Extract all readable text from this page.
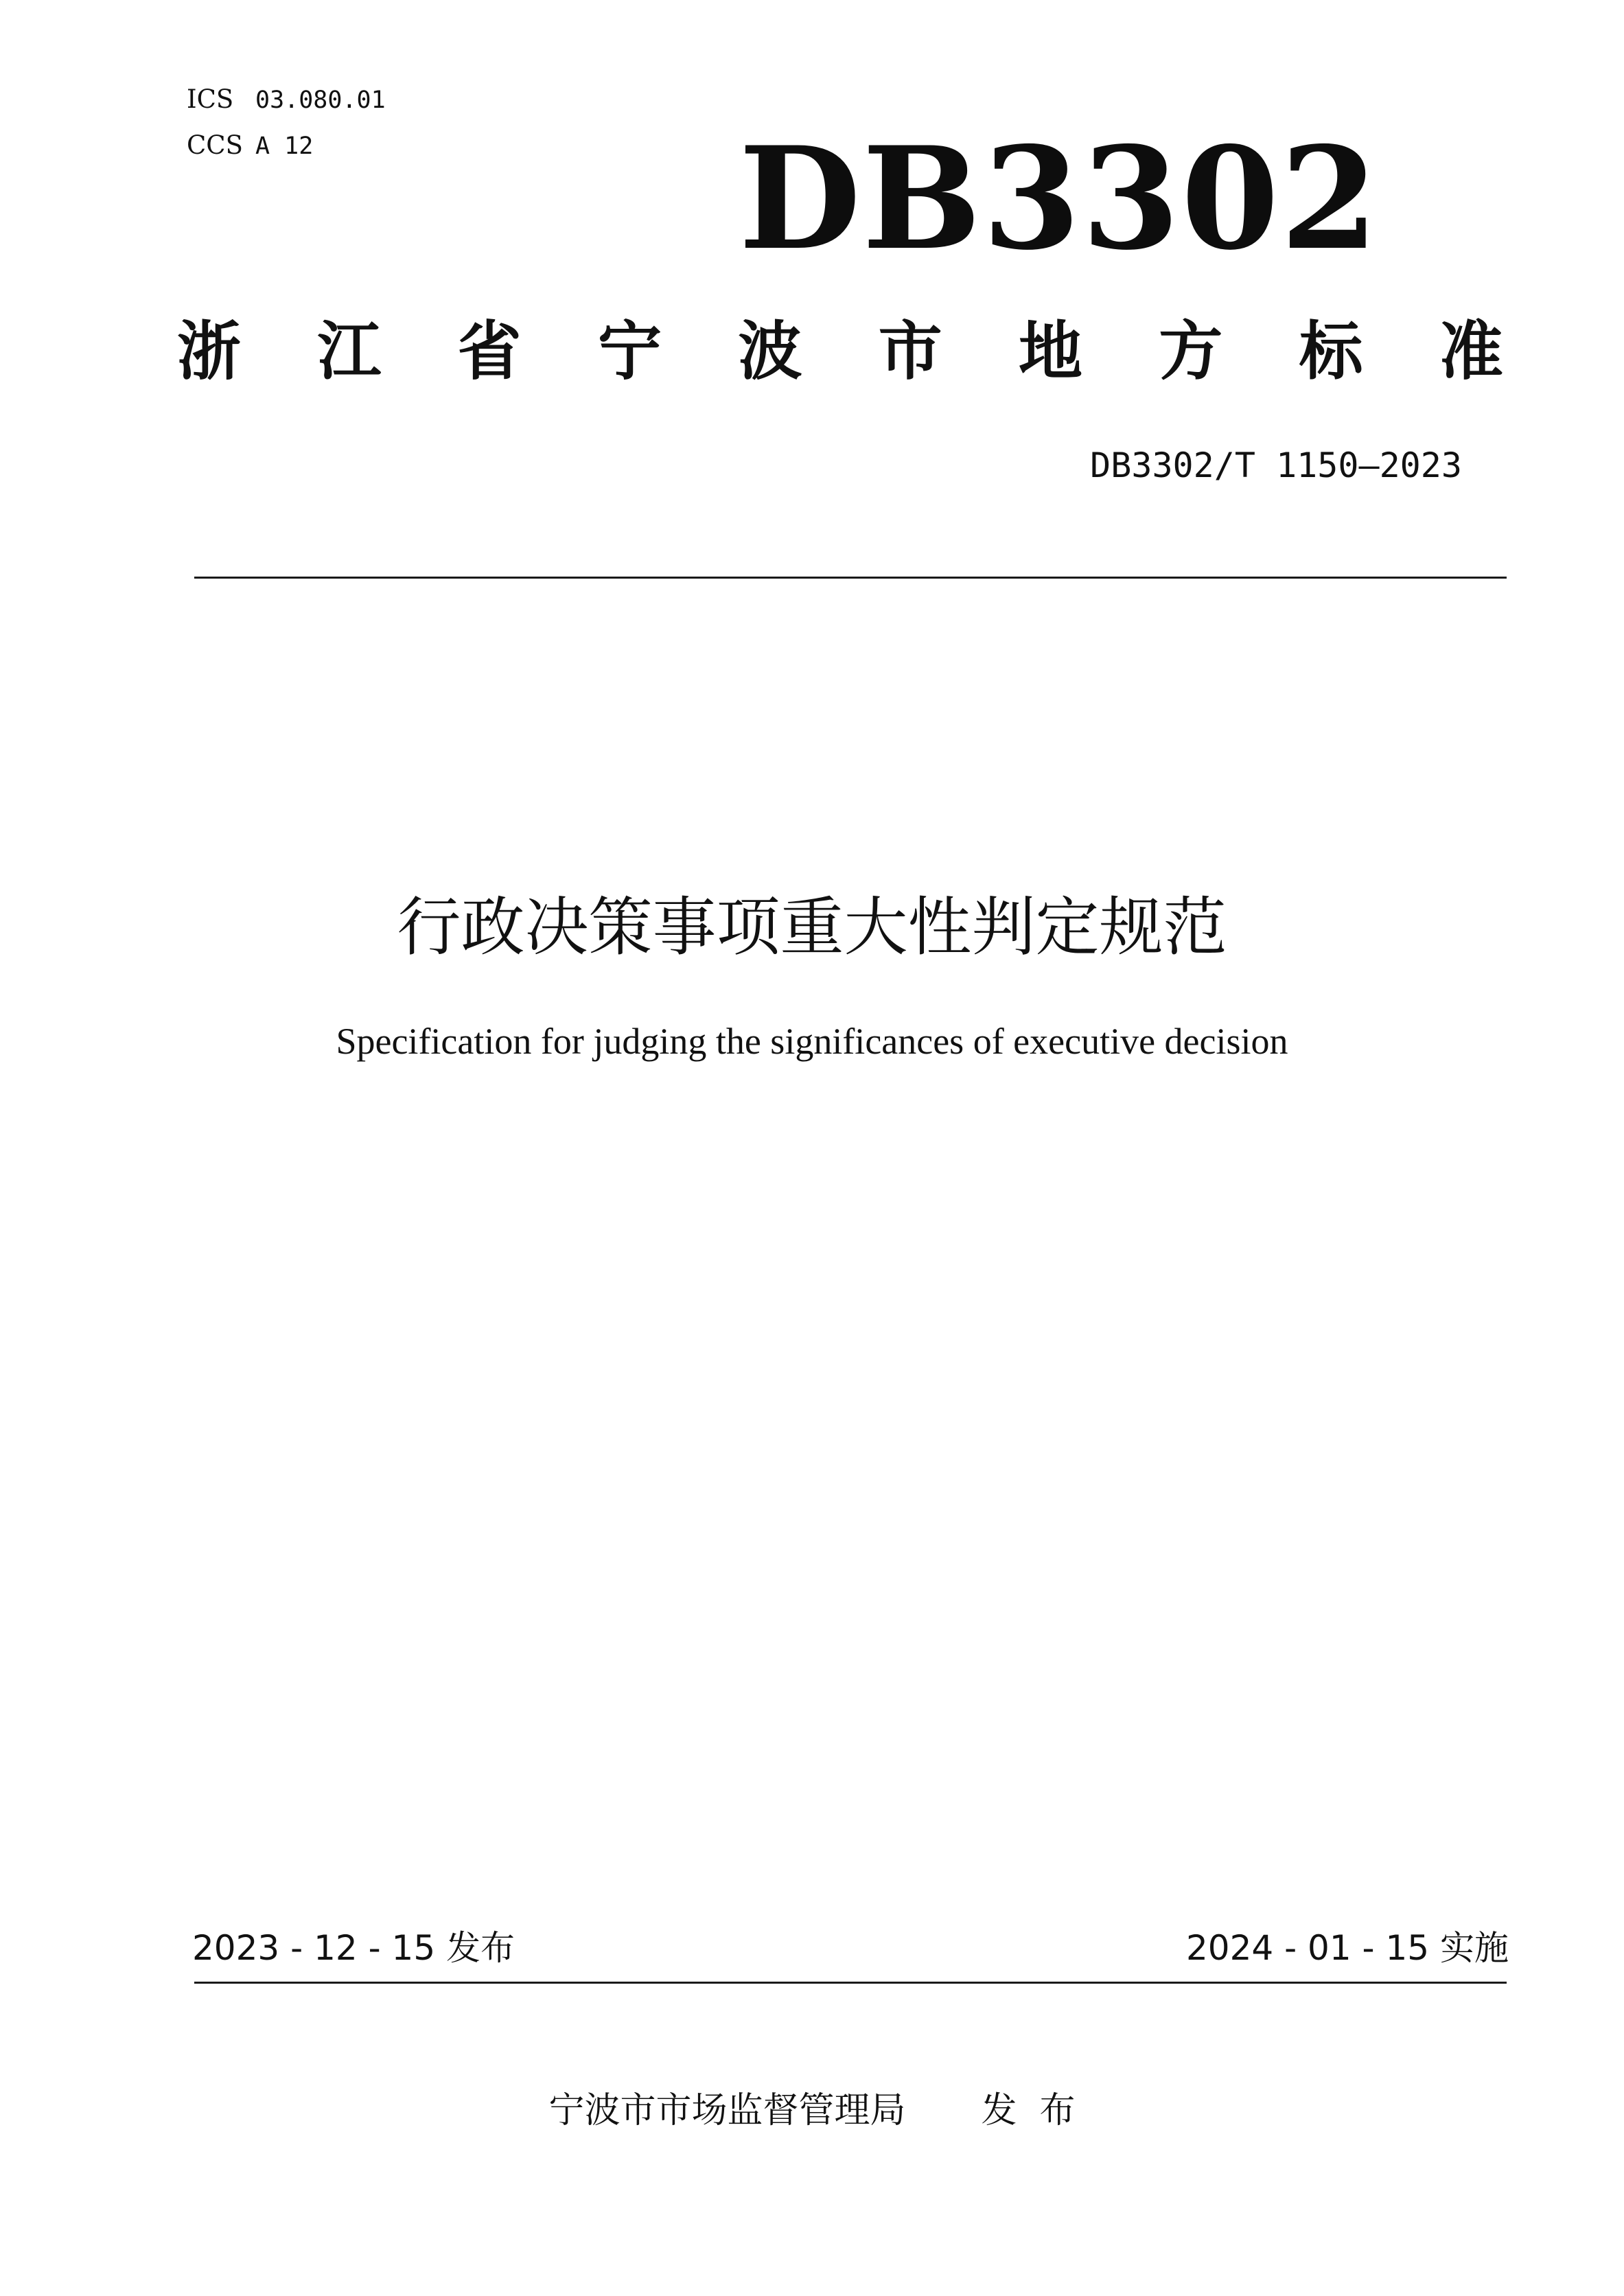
ICS 03.080.01
CCS A 12	DB3302
浙 江 省 宁 波 市 地 方 标 准
DB3302/T 1150—2023
行政决策事项重大性判定规范
Specification for judging the significances of executive decision
2023 - 12 - 15 发布	2024 - 01 - 15 实施
宁波市市场监督管理局 发  布
